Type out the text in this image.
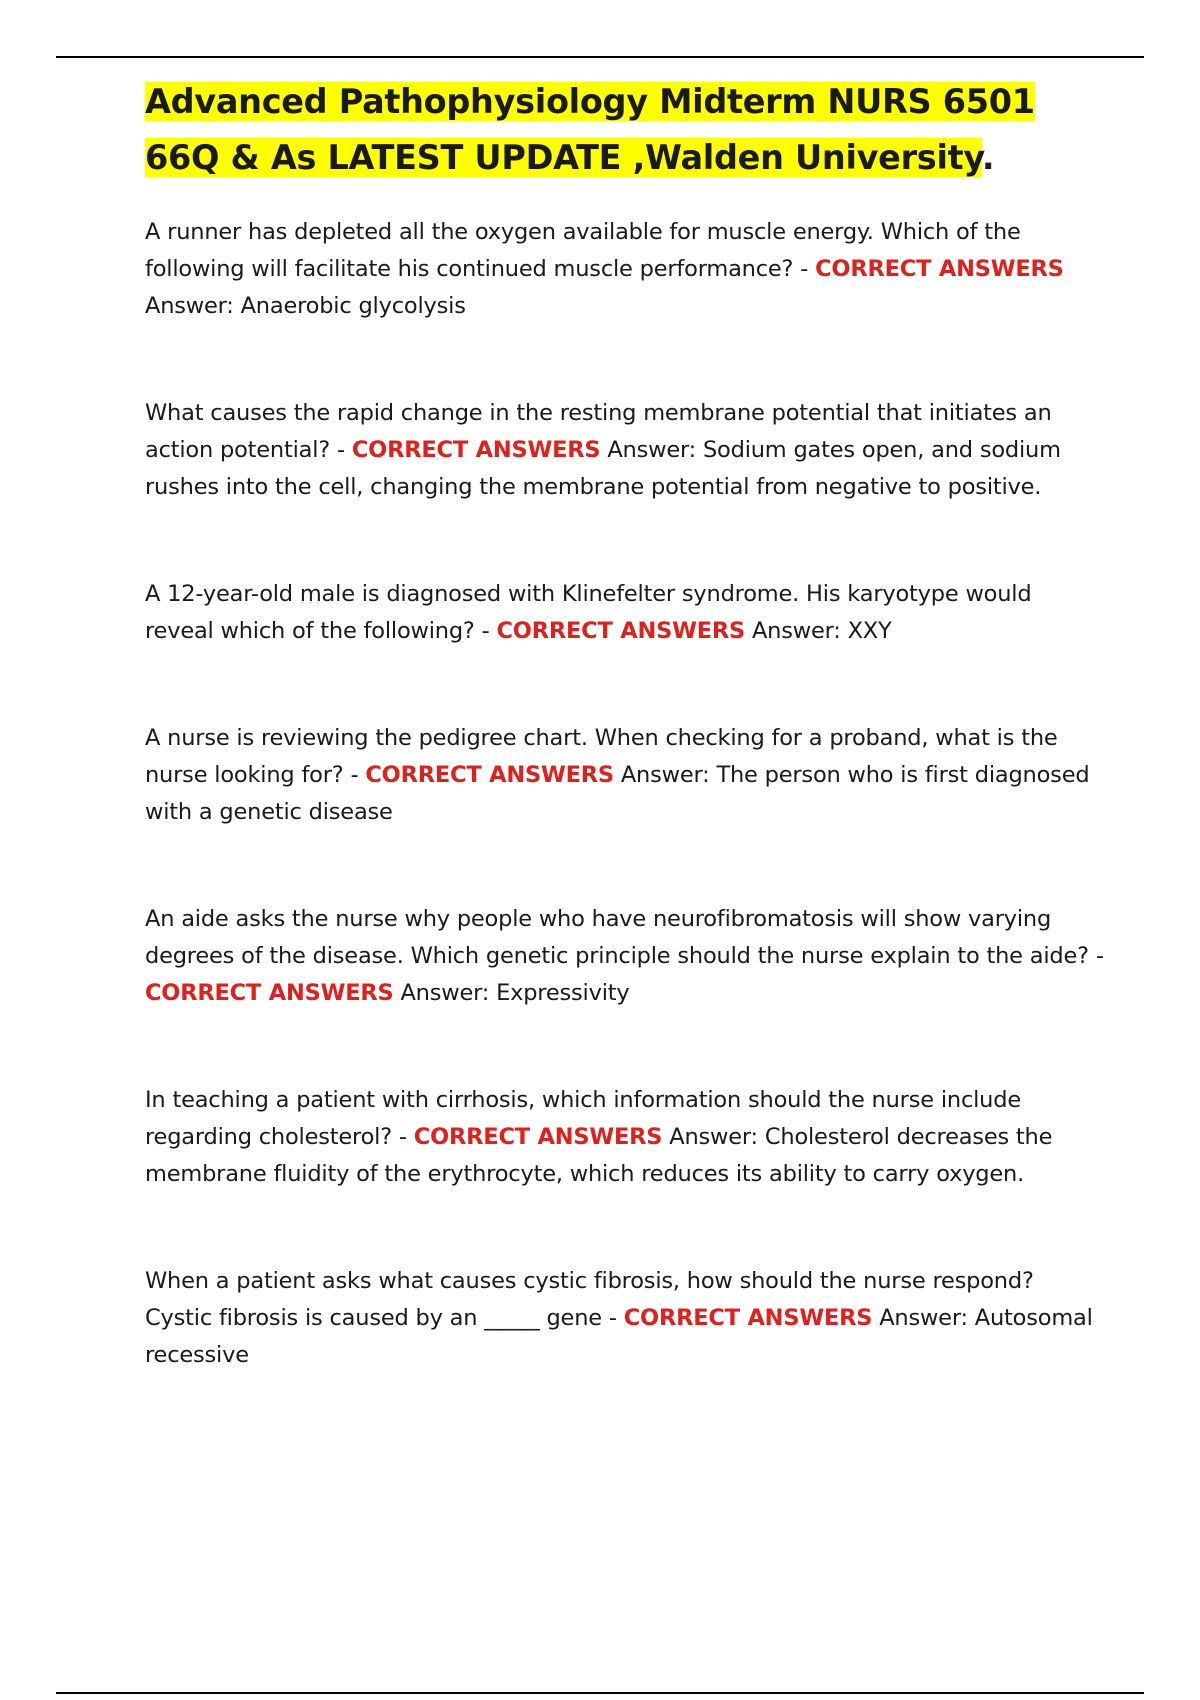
Advanced Pathophysiology Midterm NURS 6501
66Q & As LATEST UPDATE ,Walden University.

A runner has depleted all the oxygen available for muscle energy. Which of the following will facilitate his continued muscle performance? - CORRECT ANSWERS
Answer: Anaerobic glycolysis

What causes the rapid change in the resting membrane potential that initiates an action potential? - CORRECT ANSWERS Answer: Sodium gates open, and sodium rushes into the cell, changing the membrane potential from negative to positive.

A 12-year-old male is diagnosed with Klinefelter syndrome. His karyotype would reveal which of the following? - CORRECT ANSWERS Answer: XXY

A nurse is reviewing the pedigree chart. When checking for a proband, what is the nurse looking for? - CORRECT ANSWERS Answer: The person who is first diagnosed with a genetic disease

An aide asks the nurse why people who have neurofibromatosis will show varying degrees of the disease. Which genetic principle should the nurse explain to the aide? - CORRECT ANSWERS Answer: Expressivity

In teaching a patient with cirrhosis, which information should the nurse include regarding cholesterol? - CORRECT ANSWERS Answer: Cholesterol decreases the membrane fluidity of the erythrocyte, which reduces its ability to carry oxygen.

When a patient asks what causes cystic fibrosis, how should the nurse respond? Cystic fibrosis is caused by an _____ gene - CORRECT ANSWERS Answer: Autosomal recessive
